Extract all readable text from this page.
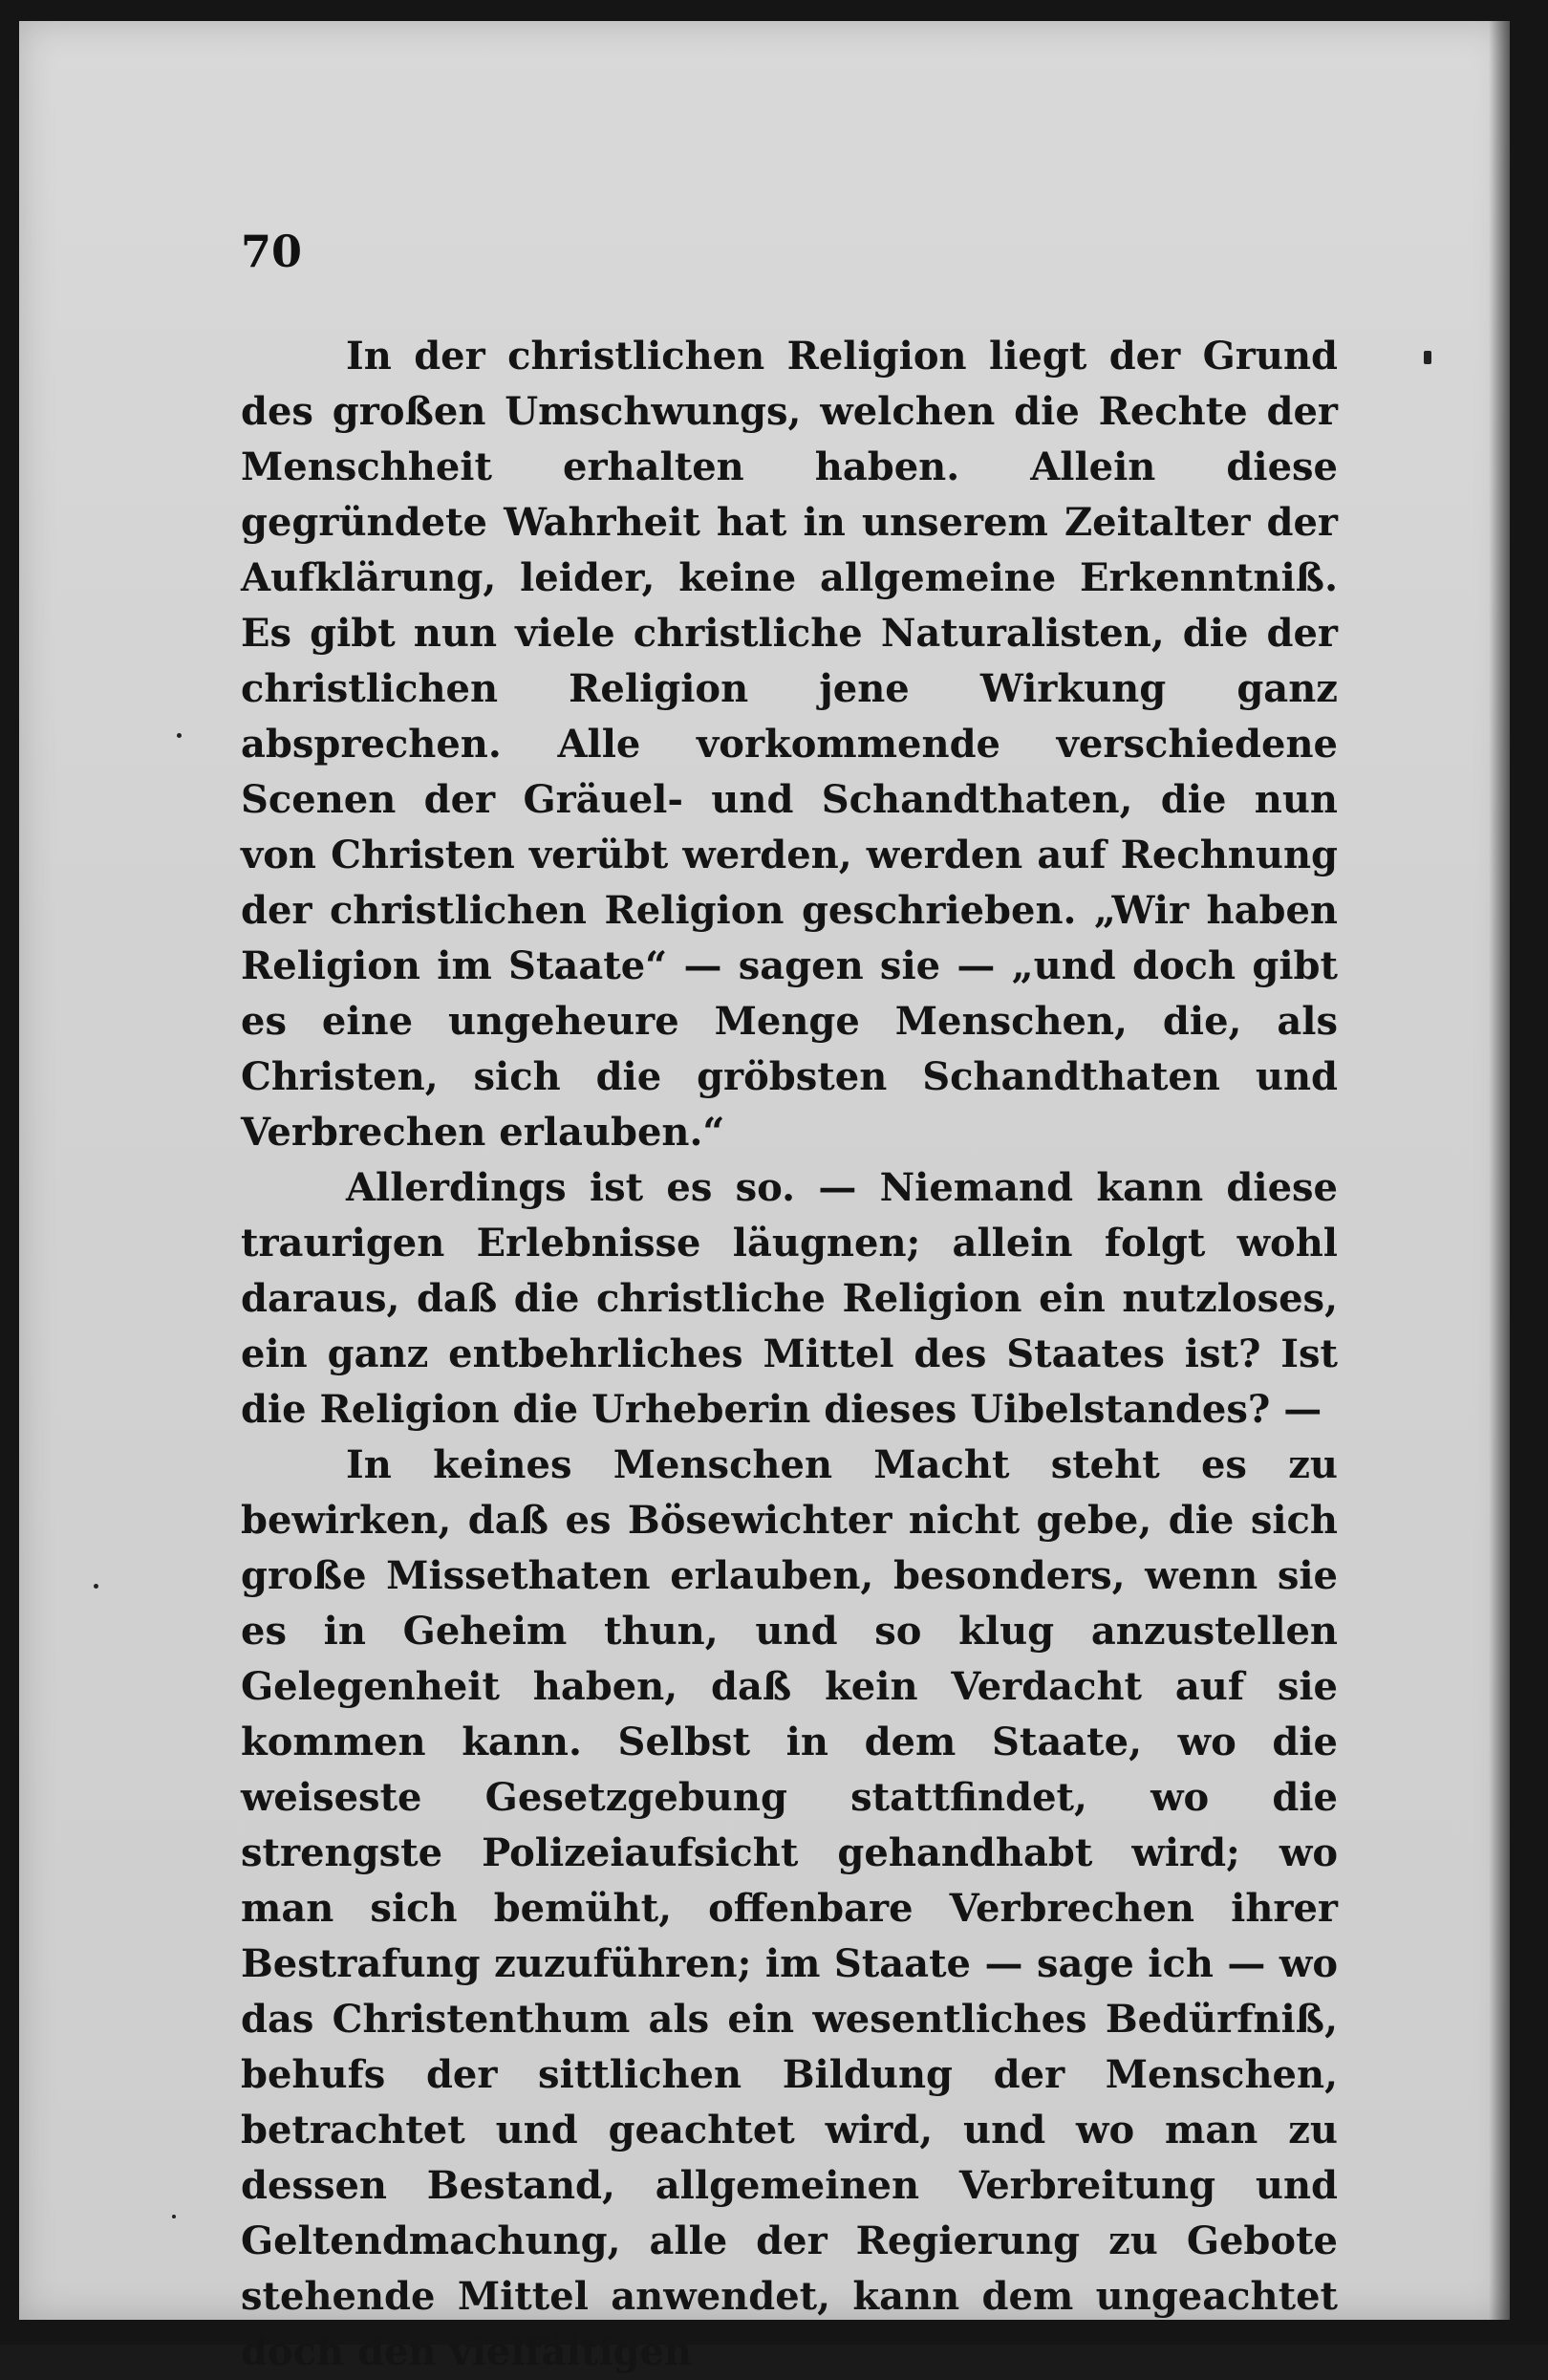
70

In der christlichen Religion liegt der Grund des großen Umschwungs, welchen die Rechte der Menschheit erhalten haben. Allein diese gegründete Wahrheit hat in unserem Zeitalter der Aufklärung, leider, keine allgemeine Erkenntniß. Es gibt nun viele christliche Naturalisten, die der christlichen Religion jene Wirkung ganz absprechen. Alle vorkommende verschiedene Scenen der Gräuel- und Schandthaten, die nun von Christen verübt werden, werden auf Rechnung der christlichen Religion geschrieben. „Wir haben Religion im Staate“ — sagen sie — „und doch gibt es eine ungeheure Menge Menschen, die, als Christen, sich die gröbsten Schandthaten und Verbrechen erlauben.“

Allerdings ist es so. — Niemand kann diese traurigen Erlebnisse läugnen; allein folgt wohl daraus, daß die christliche Religion ein nutzloses, ein ganz entbehrliches Mittel des Staates ist? Ist die Religion die Urheberin dieses Uibelstandes? —

In keines Menschen Macht steht es zu bewirken, daß es Bösewichter nicht gebe, die sich große Missethaten erlauben, besonders, wenn sie es in Geheim thun, und so klug anzustellen Gelegenheit haben, daß kein Verdacht auf sie kommen kann. Selbst in dem Staate, wo die weiseste Gesetzgebung stattfindet, wo die strengste Polizeiaufsicht gehandhabt wird; wo man sich bemüht, offenbare Verbrechen ihrer Bestrafung zuzuführen; im Staate — sage ich — wo das Christenthum als ein wesentliches Bedürfniß, behufs der sittlichen Bildung der Menschen, betrachtet und geachtet wird, und wo man zu dessen Bestand, allgemeinen Verbreitung und Geltendmachung, alle der Regierung zu Gebote stehende Mittel anwendet, kann dem ungeachtet doch den vielfältigen
